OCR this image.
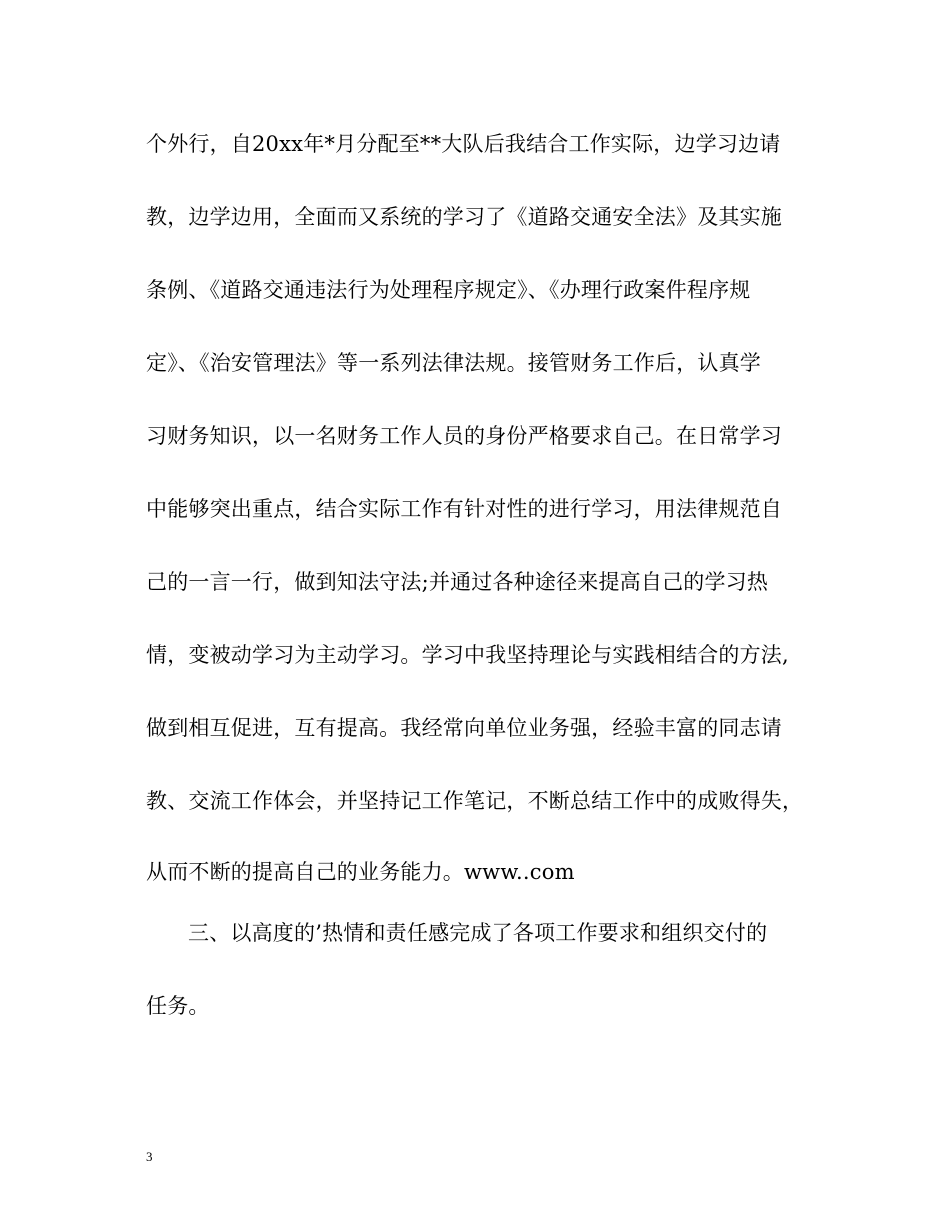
个外行，自20xx年*月分配至**大队后我结合工作实际，边学习边请
教，边学边用，全面而又系统的学习了《道路交通安全法》及其实施
条例、《道路交通违法行为处理程序规定》、《办理行政案件程序规
定》、《治安管理法》等一系列法律法规。接管财务工作后，认真学
习财务知识，以一名财务工作人员的身份严格要求自己。在日常学习
中能够突出重点，结合实际工作有针对性的进行学习，用法律规范自
己的一言一行，做到知法守法;并通过各种途径来提高自己的学习热
情，变被动学习为主动学习。学习中我坚持理论与实践相结合的方法,
做到相互促进，互有提高。我经常向单位业务强，经验丰富的同志请
教、交流工作体会，并坚持记工作笔记，不断总结工作中的成败得失，
从而不断的提高自己的业务能力。www..com
三、以高度的’热情和责任感完成了各项工作要求和组织交付的
任务。
3
